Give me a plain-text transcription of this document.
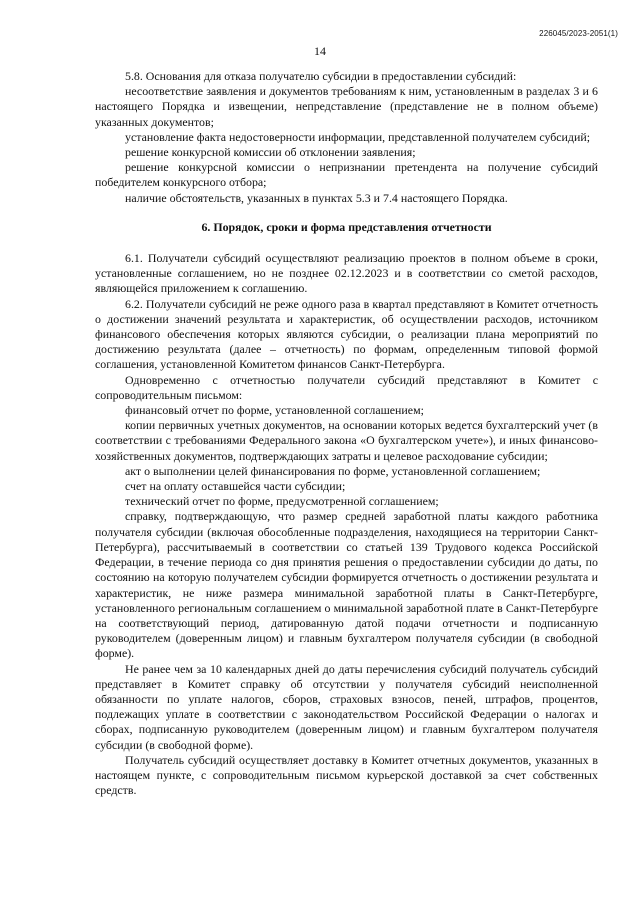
226045/2023-2051(1)
14

5.8. Основания для отказа получателю субсидии в предоставлении субсидий:

несоответствие заявления и документов требованиям к ним, установленным в разделах 3 и 6 настоящего Порядка и извещении, непредставление (представление не в полном объеме) указанных документов;

установление факта недостоверности информации, представленной получателем субсидий;

решение конкурсной комиссии об отклонении заявления;

решение конкурсной комиссии о непризнании претендента на получение субсидий победителем конкурсного отбора;

наличие обстоятельств, указанных в пунктах 5.3 и 7.4 настоящего Порядка.

6. Порядок, сроки и форма представления отчетности

6.1. Получатели субсидий осуществляют реализацию проектов в полном объеме в сроки, установленные соглашением, но не позднее 02.12.2023 и в соответствии со сметой расходов, являющейся приложением к соглашению.

6.2. Получатели субсидий не реже одного раза в квартал представляют в Комитет отчетность о достижении значений результата и характеристик, об осуществлении расходов, источником финансового обеспечения которых являются субсидии, о реализации плана мероприятий по достижению результата (далее – отчетность) по формам, определенным типовой формой соглашения, установленной Комитетом финансов Санкт-Петербурга.

Одновременно с отчетностью получатели субсидий представляют в Комитет с сопроводительным письмом:

финансовый отчет по форме, установленной соглашением;

копии первичных учетных документов, на основании которых ведется бухгалтерский учет (в соответствии с требованиями Федерального закона «О бухгалтерском учете»), и иных финансово-хозяйственных документов, подтверждающих затраты и целевое расходование субсидии;

акт о выполнении целей финансирования по форме, установленной соглашением;

счет на оплату оставшейся части субсидии;

технический отчет по форме, предусмотренной соглашением;

справку, подтверждающую, что размер средней заработной платы каждого работника получателя субсидии (включая обособленные подразделения, находящиеся на территории Санкт-Петербурга), рассчитываемый в соответствии со статьей 139 Трудового кодекса Российской Федерации, в течение периода со дня принятия решения о предоставлении субсидии до даты, по состоянию на которую получателем субсидии формируется отчетность о достижении результата и характеристик, не ниже размера минимальной заработной платы в Санкт-Петербурге, установленного региональным соглашением о минимальной заработной плате в Санкт-Петербурге на соответствующий период, датированную датой подачи отчетности и подписанную руководителем (доверенным лицом) и главным бухгалтером получателя субсидии (в свободной форме).

Не ранее чем за 10 календарных дней до даты перечисления субсидий получатель субсидий представляет в Комитет справку об отсутствии у получателя субсидий неисполненной обязанности по уплате налогов, сборов, страховых взносов, пеней, штрафов, процентов, подлежащих уплате в соответствии с законодательством Российской Федерации о налогах и сборах, подписанную руководителем (доверенным лицом) и главным бухгалтером получателя субсидии (в свободной форме).

Получатель субсидий осуществляет доставку в Комитет отчетных документов, указанных в настоящем пункте, с сопроводительным письмом курьерской доставкой за счет собственных средств.
